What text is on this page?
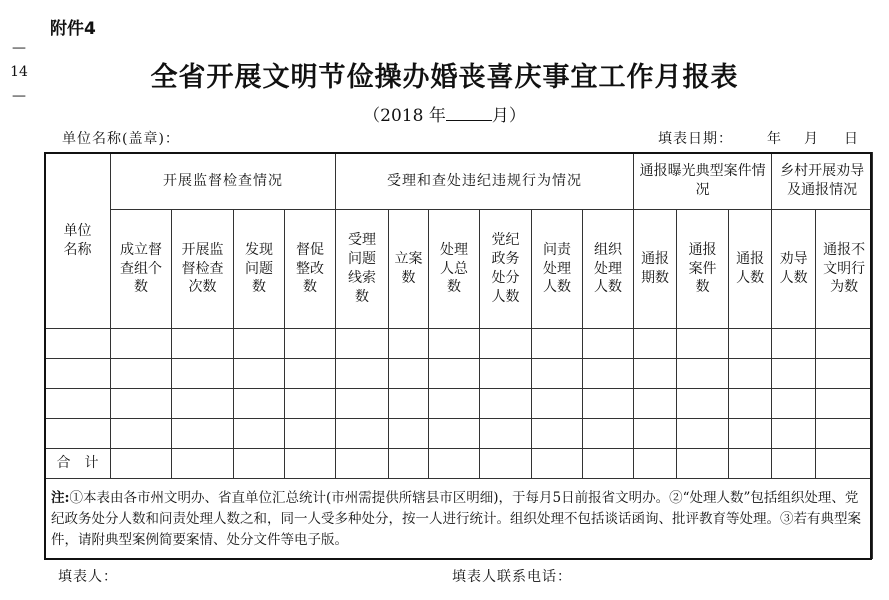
附件4
—
14
—
全省开展文明节俭操办婚丧喜庆事宜工作月报表
（2018 年	月）
单位名称(盖章)：	填表日期： 年 月 日
单位名称	开展监督检查情况				受理和查处违纪违规行为情况						通报曝光典型案件情况			乡村开展劝导及通报情况	
	成立督查组个数	开展监督检查次数	发现问题数	督促整改数	受理问题线索数	立案数	处理人总数	党纪政务处分人数	问责处理人数	组织处理人数	通报期数	通报案件数	通报人数	劝导人数	通报不文明行为数

合　计															
注:①本表由各市州文明办、省直单位汇总统计(市州需提供所辖县市区明细)，于每月5日前报省文明办。②“处理人数”包括组织处理、党纪政务处分人数和问责处理人数之和，同一人受多种处分，按一人进行统计。组织处理不包括谈话函询、批评教育等处理。③若有典型案件，请附典型案例简要案情、处分文件等电子版。															
填表人：	填表人联系电话：
